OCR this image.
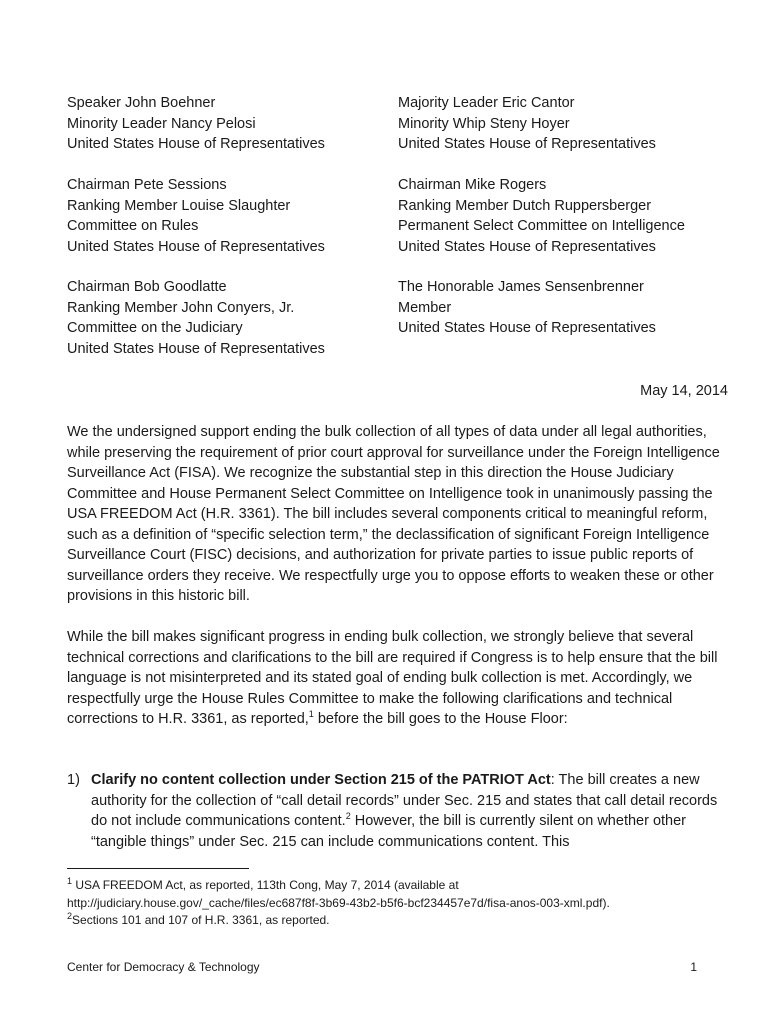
Speaker John Boehner
Minority Leader Nancy Pelosi
United States House of Representatives
Chairman Pete Sessions
Ranking Member Louise Slaughter
Committee on Rules
United States House of Representatives
Chairman Bob Goodlatte
Ranking Member John Conyers, Jr.
Committee on the Judiciary
United States House of Representatives
Majority Leader Eric Cantor
Minority Whip Steny Hoyer
United States House of Representatives
Chairman Mike Rogers
Ranking Member Dutch Ruppersberger
Permanent Select Committee on Intelligence
United States House of Representatives
The Honorable James Sensenbrenner
Member
United States House of Representatives
May 14, 2014

We the undersigned support ending the bulk collection of all types of data under all legal authorities, while preserving the requirement of prior court approval for surveillance under the Foreign Intelligence Surveillance Act (FISA). We recognize the substantial step in this direction the House Judiciary Committee and House Permanent Select Committee on Intelligence took in unanimously passing the USA FREEDOM Act (H.R. 3361). The bill includes several components critical to meaningful reform, such as a definition of “specific selection term,” the declassification of significant Foreign Intelligence Surveillance Court (FISC) decisions, and authorization for private parties to issue public reports of surveillance orders they receive. We respectfully urge you to oppose efforts to weaken these or other provisions in this historic bill.

While the bill makes significant progress in ending bulk collection, we strongly believe that several technical corrections and clarifications to the bill are required if Congress is to help ensure that the bill language is not misinterpreted and its stated goal of ending bulk collection is met. Accordingly, we respectfully urge the House Rules Committee to make the following clarifications and technical corrections to H.R. 3361, as reported,$^1$ before the bill goes to the House Floor:

1) Clarify no content collection under Section 215 of the PATRIOT Act: The bill creates a new authority for the collection of “call detail records” under Sec. 215 and states that call detail records do not include communications content.$^2$ However, the bill is currently silent on whether other “tangible things” under Sec. 215 can include communications content. This
$^1$ USA FREEDOM Act, as reported, 113th Cong, May 7, 2014 (available at
http://judiciary.house.gov/_cache/files/ec687f8f-3b69-43b2-b5f6-bcf234457e7d/fisa-anos-003-xml.pdf).
$^2$Sections 101 and 107 of H.R. 3361, as reported.
Center for Democracy & Technology	1
